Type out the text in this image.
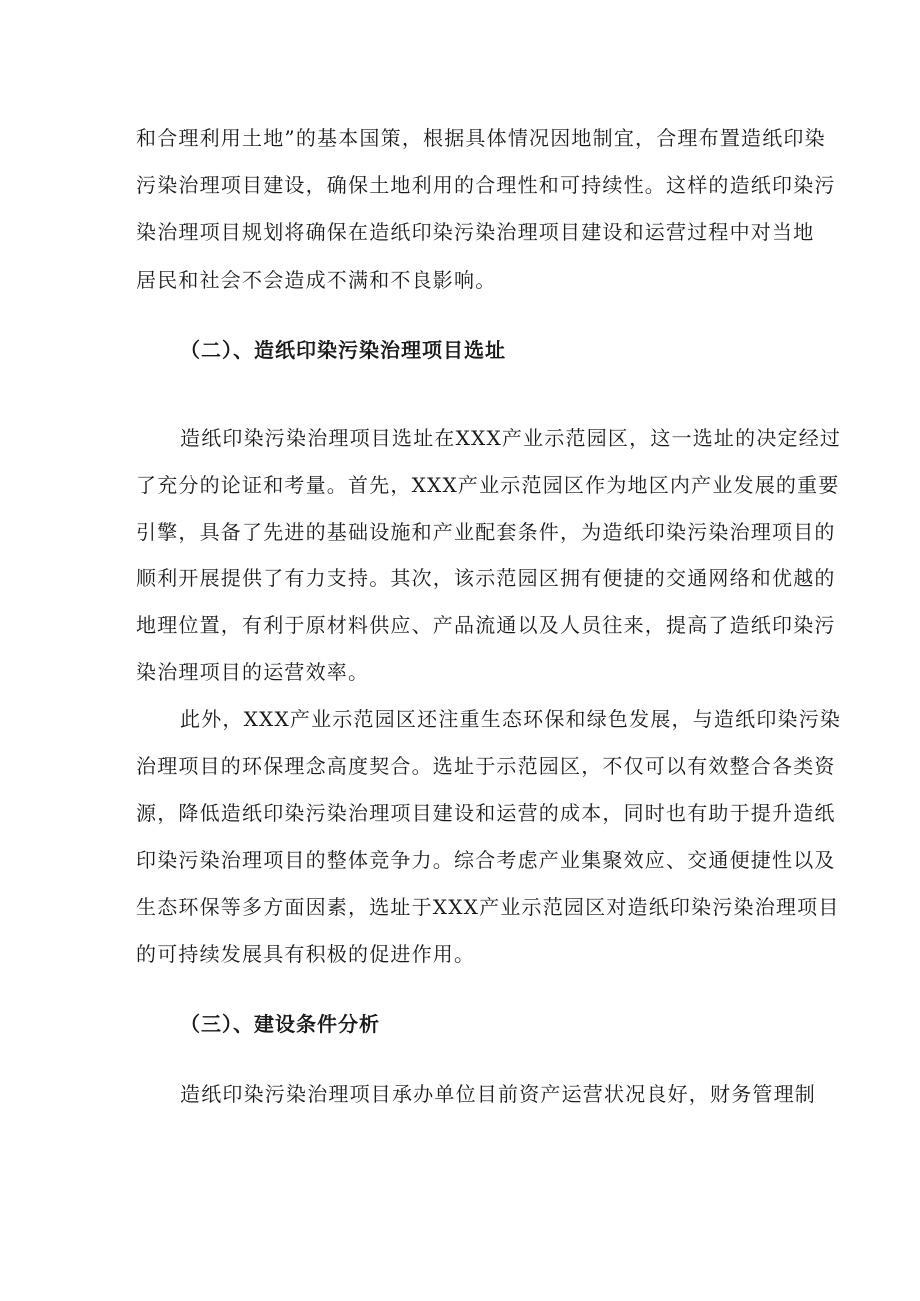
和合理利用土地”的基本国策，根据具体情况因地制宜，合理布置造纸印染
污染治理项目建设，确保土地利用的合理性和可持续性。这样的造纸印染污
染治理项目规划将确保在造纸印染污染治理项目建设和运营过程中对当地
居民和社会不会造成不满和不良影响。
（二）、造纸印染污染治理项目选址
造纸印染污染治理项目选址在XXX产业示范园区，这一选址的决定经过
了充分的论证和考量。首先，XXX产业示范园区作为地区内产业发展的重要
引擎，具备了先进的基础设施和产业配套条件，为造纸印染污染治理项目的
顺利开展提供了有力支持。其次，该示范园区拥有便捷的交通网络和优越的
地理位置，有利于原材料供应、产品流通以及人员往来，提高了造纸印染污
染治理项目的运营效率。
此外，XXX产业示范园区还注重生态环保和绿色发展，与造纸印染污染
治理项目的环保理念高度契合。选址于示范园区，不仅可以有效整合各类资
源，降低造纸印染污染治理项目建设和运营的成本，同时也有助于提升造纸
印染污染治理项目的整体竞争力。综合考虑产业集聚效应、交通便捷性以及
生态环保等多方面因素，选址于XXX产业示范园区对造纸印染污染治理项目
的可持续发展具有积极的促进作用。
（三）、建设条件分析
造纸印染污染治理项目承办单位目前资产运营状况良好，财务管理制
